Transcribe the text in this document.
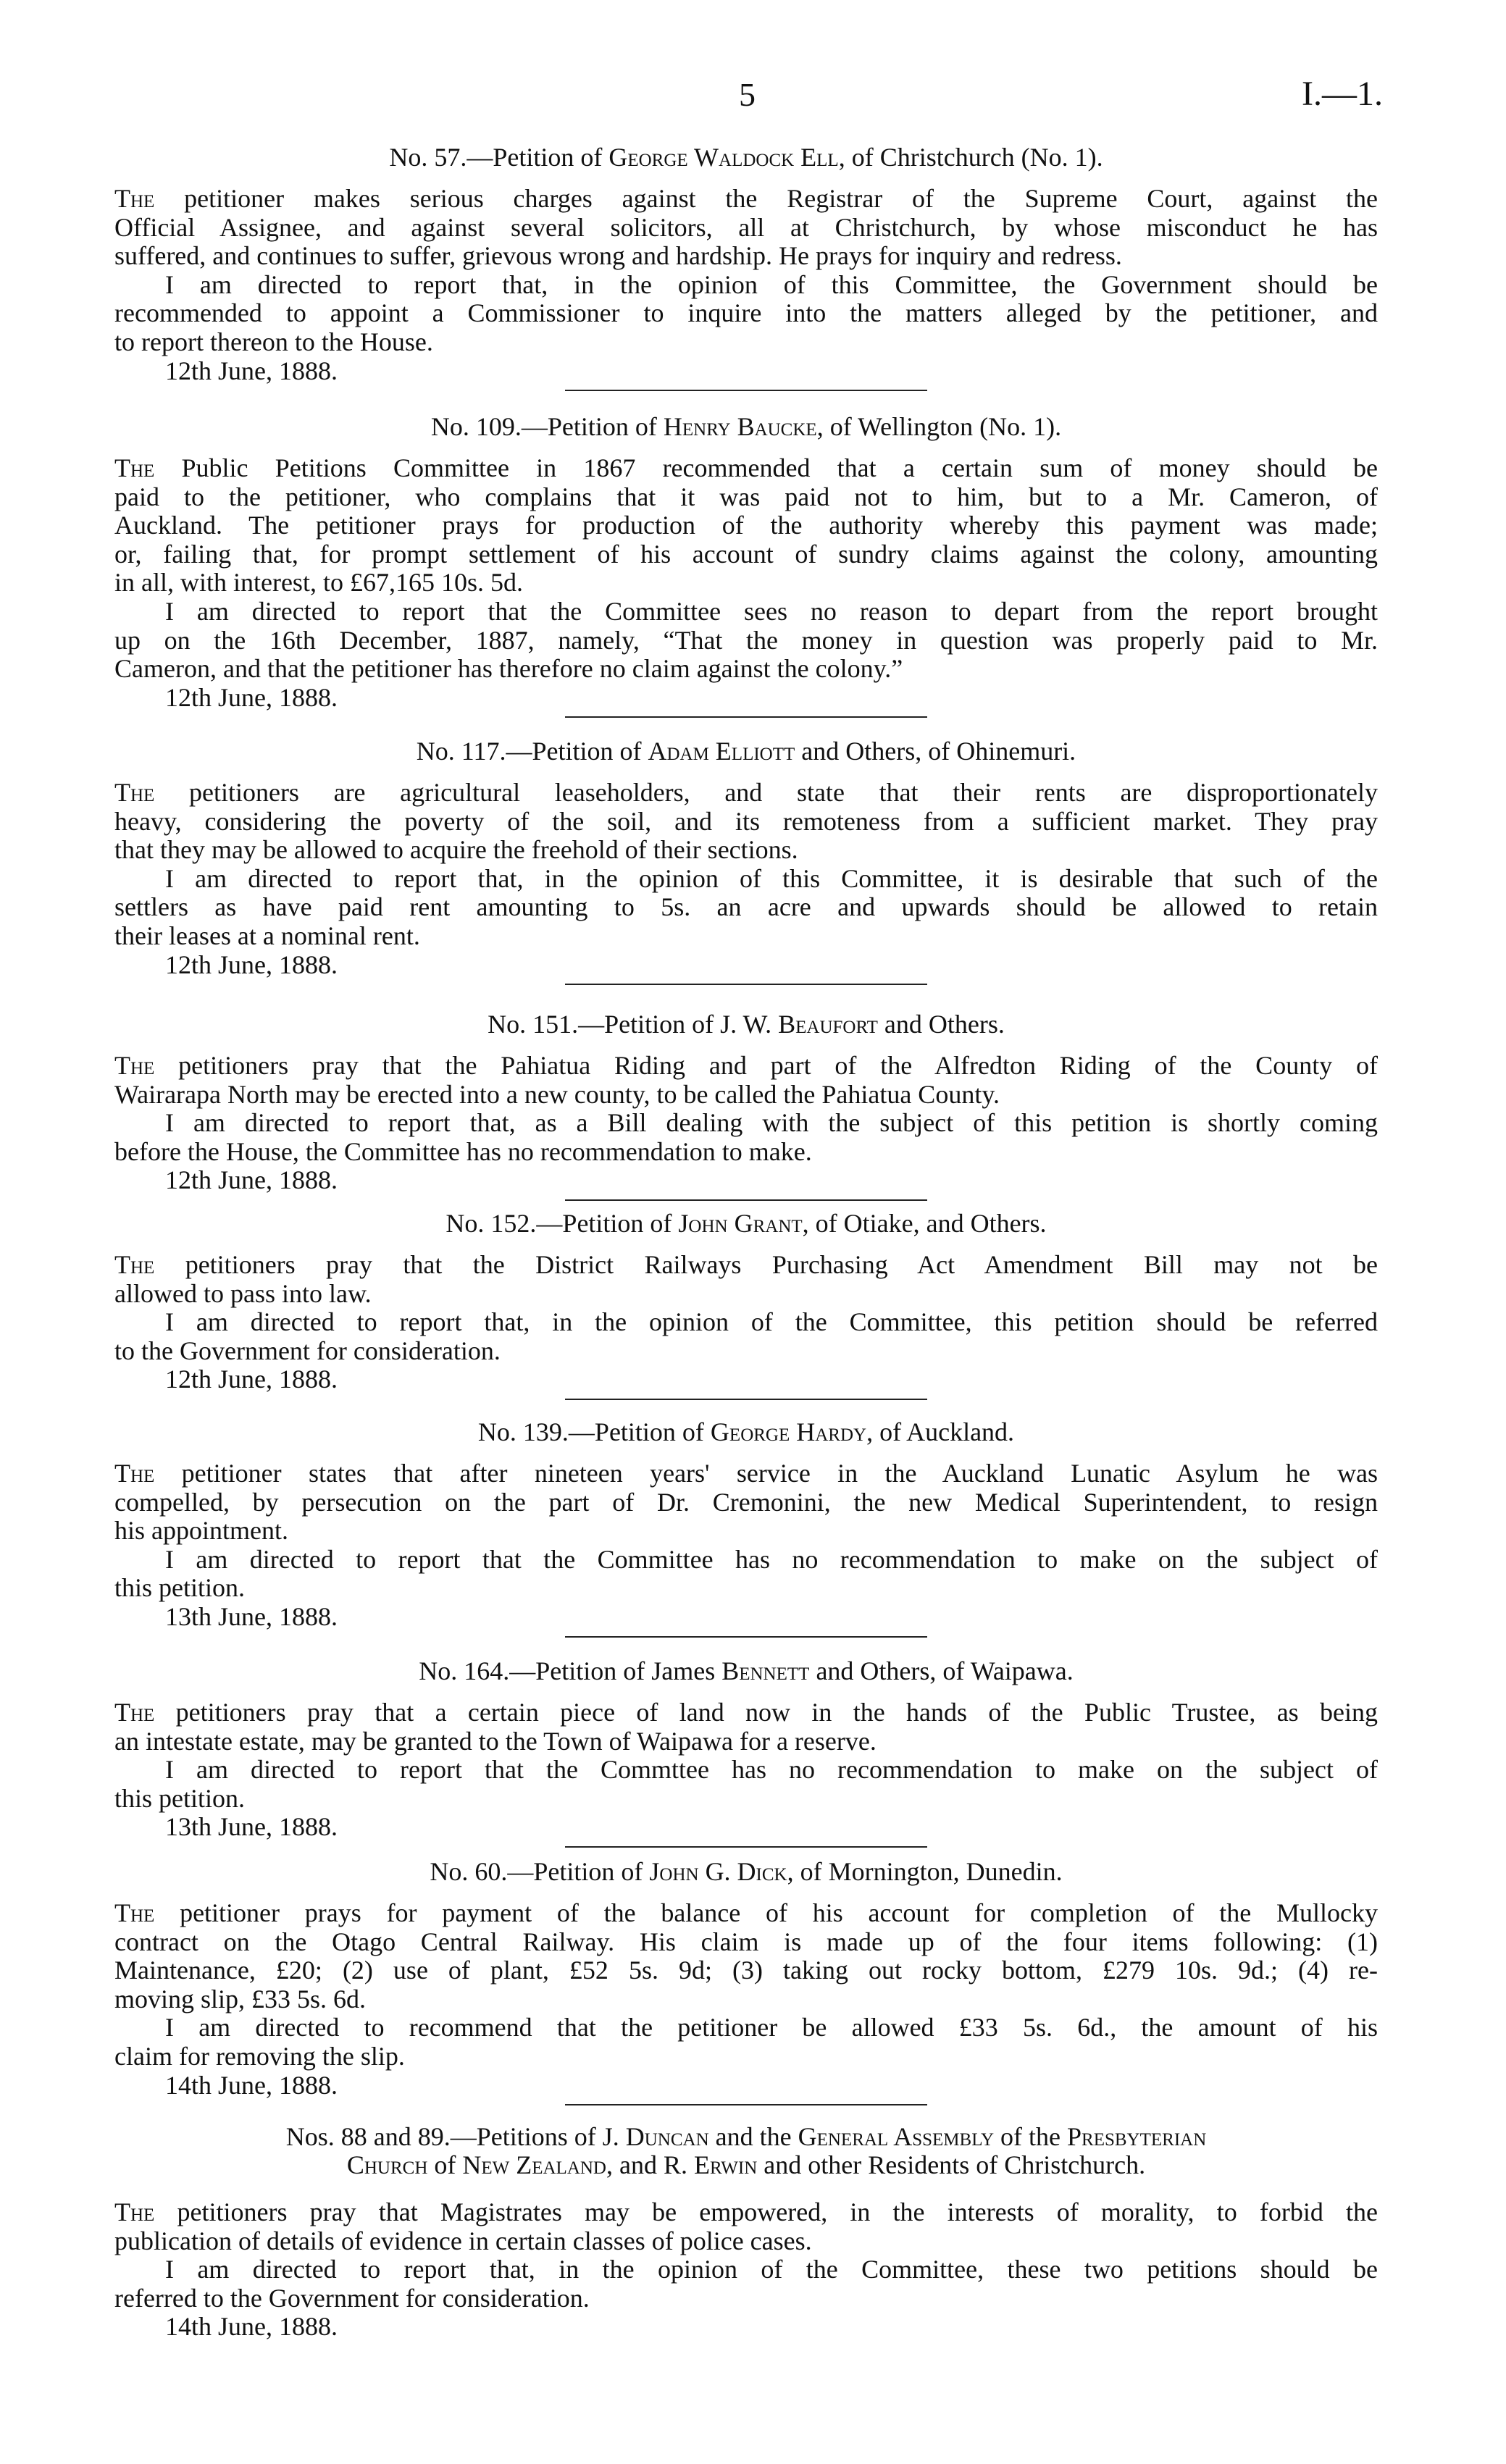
5	I.—1.
No. 57.—Petition of George Waldock Ell, of Christchurch (No. 1).
The petitioner makes serious charges against the Registrar of the Supreme Court, against the
Official Assignee, and against several solicitors, all at Christchurch, by whose misconduct he has
suffered, and continues to suffer, grievous wrong and hardship. He prays for inquiry and redress.
I am directed to report that, in the opinion of this Committee, the Government should be
recommended to appoint a Commissioner to inquire into the matters alleged by the petitioner, and
to report thereon to the House.
12th June, 1888.
No. 109.—Petition of Henry Baucke, of Wellington (No. 1).
The Public Petitions Committee in 1867 recommended that a certain sum of money should be
paid to the petitioner, who complains that it was paid not to him, but to a Mr. Cameron, of
Auckland. The petitioner prays for production of the authority whereby this payment was made;
or, failing that, for prompt settlement of his account of sundry claims against the colony, amounting
in all, with interest, to £67,165 10s. 5d.
I am directed to report that the Committee sees no reason to depart from the report brought
up on the 16th December, 1887, namely, “That the money in question was properly paid to Mr.
Cameron, and that the petitioner has therefore no claim against the colony.”
12th June, 1888.
No. 117.—Petition of Adam Elliott and Others, of Ohinemuri.
The petitioners are agricultural leaseholders, and state that their rents are disproportionately
heavy, considering the poverty of the soil, and its remoteness from a sufficient market. They pray
that they may be allowed to acquire the freehold of their sections.
I am directed to report that, in the opinion of this Committee, it is desirable that such of the
settlers as have paid rent amounting to 5s. an acre and upwards should be allowed to retain
their leases at a nominal rent.
12th June, 1888.
No. 151.—Petition of J. W. Beaufort and Others.
The petitioners pray that the Pahiatua Riding and part of the Alfredton Riding of the County of
Wairarapa North may be erected into a new county, to be called the Pahiatua County.
I am directed to report that, as a Bill dealing with the subject of this petition is shortly coming
before the House, the Committee has no recommendation to make.
12th June, 1888.
No. 152.—Petition of John Grant, of Otiake, and Others.
The petitioners pray that the District Railways Purchasing Act Amendment Bill may not be
allowed to pass into law.
I am directed to report that, in the opinion of the Committee, this petition should be referred
to the Government for consideration.
12th June, 1888.
No. 139.—Petition of George Hardy, of Auckland.
The petitioner states that after nineteen years' service in the Auckland Lunatic Asylum he was
compelled, by persecution on the part of Dr. Cremonini, the new Medical Superintendent, to resign
his appointment.
I am directed to report that the Committee has no recommendation to make on the subject of
this petition.
13th June, 1888.
No. 164.—Petition of James Bennett and Others, of Waipawa.
The petitioners pray that a certain piece of land now in the hands of the Public Trustee, as being
an intestate estate, may be granted to the Town of Waipawa for a reserve.
I am directed to report that the Commttee has no recommendation to make on the subject of
this petition.
13th June, 1888.
No. 60.—Petition of John G. Dick, of Mornington, Dunedin.
The petitioner prays for payment of the balance of his account for completion of the Mullocky
contract on the Otago Central Railway. His claim is made up of the four items following: (1)
Maintenance, £20; (2) use of plant, £52 5s. 9d; (3) taking out rocky bottom, £279 10s. 9d.; (4) re-
moving slip, £33 5s. 6d.
I am directed to recommend that the petitioner be allowed £33 5s. 6d., the amount of his
claim for removing the slip.
14th June, 1888.
Nos. 88 and 89.—Petitions of J. Duncan and the General Assembly of the Presbyterian
Church of New Zealand, and R. Erwin and other Residents of Christchurch.
The petitioners pray that Magistrates may be empowered, in the interests of morality, to forbid the
publication of details of evidence in certain classes of police cases.
I am directed to report that, in the opinion of the Committee, these two petitions should be
referred to the Government for consideration.
14th June, 1888.
